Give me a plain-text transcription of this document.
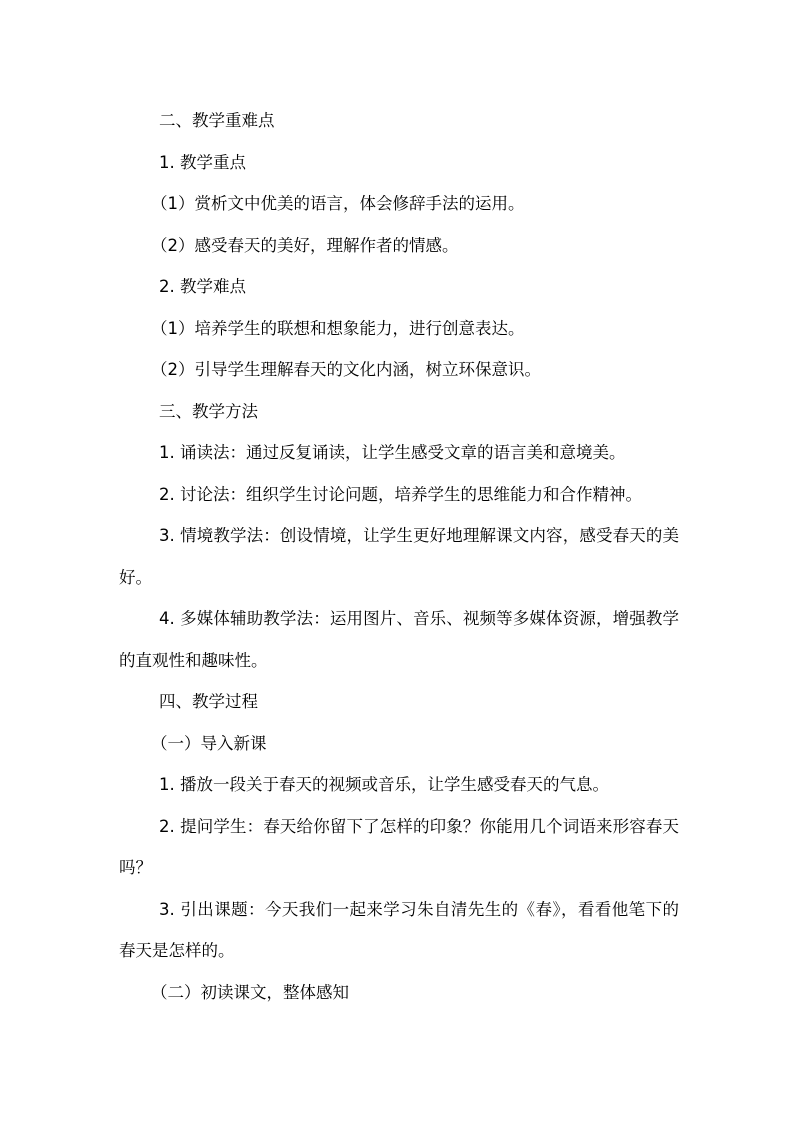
二、教学重难点

1. 教学重点

（1）赏析文中优美的语言，体会修辞手法的运用。

（2）感受春天的美好，理解作者的情感。

2. 教学难点

（1）培养学生的联想和想象能力，进行创意表达。

（2）引导学生理解春天的文化内涵，树立环保意识。

三、教学方法

1. 诵读法：通过反复诵读，让学生感受文章的语言美和意境美。

2. 讨论法：组织学生讨论问题，培养学生的思维能力和合作精神。

3. 情境教学法：创设情境，让学生更好地理解课文内容，感受春天的美好。

4. 多媒体辅助教学法：运用图片、音乐、视频等多媒体资源，增强教学的直观性和趣味性。

四、教学过程

（一）导入新课

1. 播放一段关于春天的视频或音乐，让学生感受春天的气息。

2. 提问学生：春天给你留下了怎样的印象？你能用几个词语来形容春天吗？

3. 引出课题：今天我们一起来学习朱自清先生的《春》，看看他笔下的春天是怎样的。

（二）初读课文，整体感知
